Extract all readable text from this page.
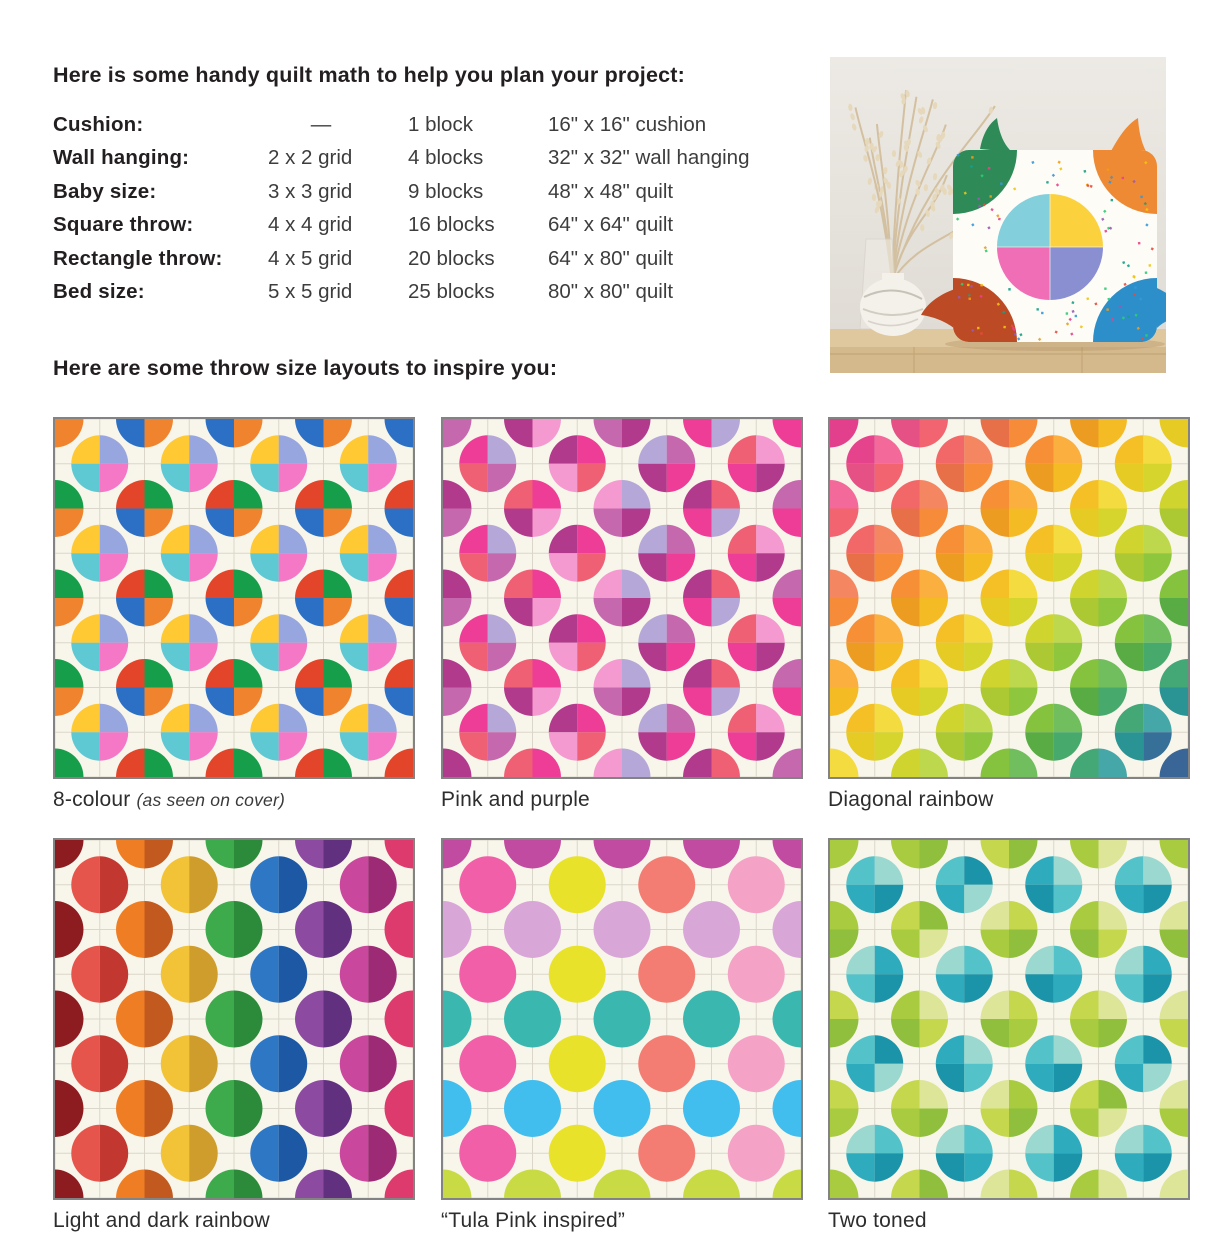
Here is some handy quilt math to help you plan your project:
Cushion:	—	1 block	16" x 16" cushion
Wall hanging:	2 x 2 grid	4 blocks	32" x 32" wall hanging
Baby size:	3 x 3 grid	9 blocks	48" x 48" quilt
Square throw:	4 x 4 grid	16 blocks	64" x 64" quilt
Rectangle throw:	4 x 5 grid	20 blocks	64" x 80" quilt
Bed size:	5 x 5 grid	25 blocks	80" x 80" quilt
Here are some throw size layouts to inspire you:
8-colour (as seen on cover)	Pink and purple	Diagonal rainbow
Light and dark rainbow	“Tula Pink inspired”	Two toned
